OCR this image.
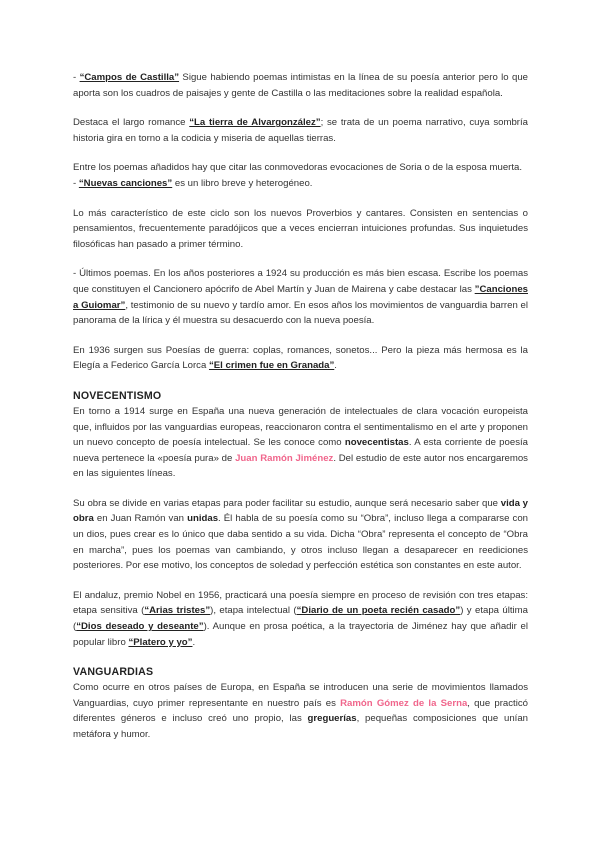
- “Campos de Castilla” Sigue habiendo poemas intimistas en la línea de su poesía anterior pero lo que aporta son los cuadros de paisajes y gente de Castilla o las meditaciones sobre la realidad española.

Destaca el largo romance “La tierra de Alvargonzález”; se trata de un poema narrativo, cuya sombría historia gira en torno a la codicia y miseria de aquellas tierras.

Entre los poemas añadidos hay que citar las conmovedoras evocaciones de Soria o de la esposa muerta.
- “Nuevas canciones” es un libro breve y heterogéneo.

Lo más característico de este ciclo son los nuevos Proverbios y cantares. Consisten en sentencias o pensamientos, frecuentemente paradójicos que a veces encierran intuiciones profundas. Sus inquietudes filosóficas han pasado a primer término.

- Últimos poemas. En los años posteriores a 1924 su producción es más bien escasa. Escribe los poemas que constituyen el Cancionero apócrifo de Abel Martín y Juan de Mairena y cabe destacar las ”Canciones a Guiomar”, testimonio de su nuevo y tardío amor. En esos años los movimientos de vanguardia barren el panorama de la lírica y él muestra su desacuerdo con la nueva poesía.

En 1936 surgen sus Poesías de guerra: coplas, romances, sonetos... Pero la pieza más hermosa es la Elegía a Federico García Lorca “El crimen fue en Granada”.

NOVECENTISMO

En torno a 1914 surge en España una nueva generación de intelectuales de clara vocación europeista que, influidos por las vanguardias europeas, reaccionaron contra el sentimentalismo en el arte y proponen un nuevo concepto de poesía intelectual. Se les conoce como novecentistas. A esta corriente de poesía nueva pertenece la «poesía pura» de Juan Ramón Jiménez. Del estudio de este autor nos encargaremos en las siguientes líneas.

Su obra se divide en varias etapas para poder facilitar su estudio, aunque será necesario saber que vida y obra en Juan Ramón van unidas. Él habla de su poesía como su “Obra”, incluso llega a compararse con un dios, pues crear es lo único que daba sentido a su vida. Dicha “Obra” representa el concepto de “Obra en marcha”, pues los poemas van cambiando, y otros incluso llegan a desaparecer en reediciones posteriores. Por ese motivo, los conceptos de soledad y perfección estética son constantes en este autor.

El andaluz, premio Nobel en 1956, practicará una poesía siempre en proceso de revisión con tres etapas: etapa sensitiva (“Arias tristes”), etapa intelectual (“Diario de un poeta recién casado”) y etapa última (“Dios deseado y deseante”). Aunque en prosa poética, a la trayectoria de Jiménez hay que añadir el popular libro “Platero y yo”.

VANGUARDIAS

Como ocurre en otros países de Europa, en España se introducen una serie de movimientos llamados Vanguardias, cuyo primer representante en nuestro país es Ramón Gómez de la Serna, que practicó diferentes géneros e incluso creó uno propio, las greguerías, pequeñas composiciones que unían metáfora y humor.
